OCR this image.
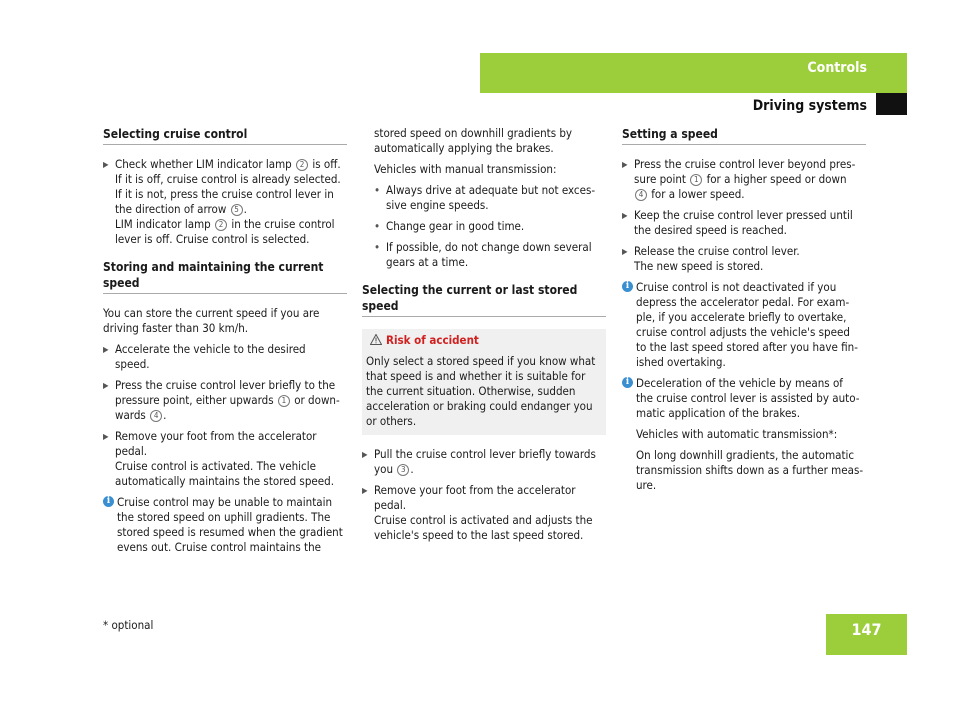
Controls
Driving systems
Selecting cruise control
▶ Check whether LIM indicator lamp 2 is off.
If it is off, cruise control is already selected.
If it is not, press the cruise control lever in
the direction of arrow 5 .
LIM indicator lamp 2 in the cruise control
lever is off. Cruise control is selected.
Storing and maintaining the current
speed
You can store the current speed if you are
driving faster than 30 km/h.
▶ Accelerate the vehicle to the desired
speed.
▶ Press the cruise control lever briefly to the
pressure point, either upwards 1 or down-
wards 4 .
▶ Remove your foot from the accelerator
pedal.
Cruise control is activated. The vehicle
automatically maintains the stored speed.
i Cruise control may be unable to maintain
the stored speed on uphill gradients. The
stored speed is resumed when the gradient
evens out. Cruise control maintains the
stored speed on downhill gradients by
automatically applying the brakes.
Vehicles with manual transmission:
• Always drive at adequate but not exces-
sive engine speeds.
• Change gear in good time.
• If possible, do not change down several
gears at a time.
Selecting the current or last stored
speed
Risk of accident
Only select a stored speed if you know what
that speed is and whether it is suitable for
the current situation. Otherwise, sudden
acceleration or braking could endanger you
or others.
▶ Pull the cruise control lever briefly towards
you 3 .
▶ Remove your foot from the accelerator
pedal.
Cruise control is activated and adjusts the
vehicle's speed to the last speed stored.
Setting a speed
▶ Press the cruise control lever beyond pres-
sure point 1 for a higher speed or down
4 for a lower speed.
▶ Keep the cruise control lever pressed until
the desired speed is reached.
▶ Release the cruise control lever.
The new speed is stored.
i Cruise control is not deactivated if you
depress the accelerator pedal. For exam-
ple, if you accelerate briefly to overtake,
cruise control adjusts the vehicle's speed
to the last speed stored after you have fin-
ished overtaking.
i Deceleration of the vehicle by means of
the cruise control lever is assisted by auto-
matic application of the brakes.
Vehicles with automatic transmission*:
On long downhill gradients, the automatic
transmission shifts down as a further meas-
ure.
* optional	147
